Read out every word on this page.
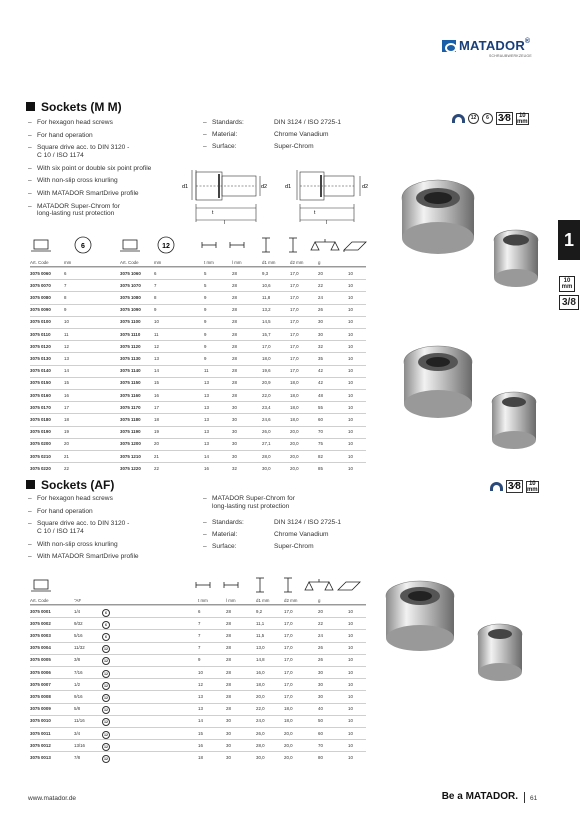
MATADOR®
SCHRAUBWERKZEUGE
Sockets (M M)
– For hexagon head screws
– For hand operation
– Square drive acc. to DIN 3120 -
C 10 / ISO 1174
– With six point or double six point profile
– With non-slip cross knurling
– With MATADOR SmartDrive profile
– MATADOR Super-Chrom for
long-lasting rust protection
– Standards:	DIN 3124 / ISO 2725-1
– Material:	Chrome Vanadium
– Surface:	Super-Chrom
12	6 3⁄8	10
mm
d1	d2	d1	d2
t
l
t
l
6	12
Art. Code	mm	Art. Code	mm	t mm	l mm	d1 mm	d2 mm	g
3075 0060	6	3075 1060	6	5	28	9,3	17,0	20	10
3075 0070	7	3075 1070	7	5	28	10,6	17,0	22	10
3075 0080	8	3075 1080	8	9	28	11,8	17,0	24	10
3075 0090	9	3075 1090	9	9	28	13,2	17,0	26	10
3075 0100	10	3075 1100	10	9	28	14,5	17,0	30	10
3075 0110	11	3075 1110	11	9	28	15,7	17,0	30	10
3075 0120	12	3075 1120	12	9	28	17,0	17,0	32	10
3075 0130	13	3075 1130	13	9	28	18,0	17,0	35	10
3075 0140	14	3075 1140	14	11	28	19,6	17,0	42	10
3075 0150	15	3075 1150	15	13	28	20,9	18,0	42	10
3075 0160	16	3075 1160	16	13	28	22,0	18,0	48	10
3075 0170	17	3075 1170	17	13	30	23,4	18,0	55	10
3075 0180	18	3075 1180	18	13	30	24,6	18,0	60	10
3075 0190	19	3075 1190	19	13	30	26,0	20,0	70	10
3075 0200	20	3075 1200	20	13	30	27,1	20,0	75	10
3075 0210	21	3075 1210	21	14	30	28,0	20,0	82	10
3075 0220	22	3075 1220	22	16	32	30,0	20,0	85	10
Sockets (AF)
– For hexagon head screws
– For hand operation
– Square drive acc. to DIN 3120 -
C 10 / ISO 1174
– With non-slip cross knurling
– With MATADOR SmartDrive profile
– MATADOR Super-Chrom for
long-lasting rust protection
– Standards:	DIN 3124 / ISO 2725-1
– Material:	Chrome Vanadium
– Surface:	Super-Chrom
3⁄8	10
mm
Art. Code	"AF	t mm	l mm	d1 mm	d2 mm	g
3075 0001	1/4	6	6	28	9,2	17,0	20	10
3075 0002	9/32	6	7	28	11,1	17,0	22	10
3075 0003	5/16	6	7	28	11,5	17,0	24	10
3075 0004	11/32	12	7	28	13,0	17,0	26	10
3075 0005	3/8	12	9	28	14,8	17,0	26	10
3075 0006	7/16	12	10	28	16,0	17,0	30	10
3075 0007	1/2	12	12	28	18,0	17,0	30	10
3075 0008	9/16	12	13	28	20,0	17,0	30	10
3075 0009	5/8	12	13	28	22,0	18,0	40	10
3075 0010	11/16	12	14	30	24,0	18,0	50	10
3075 0011	3/4	12	15	30	26,0	20,0	60	10
3075 0012	13/16	12	16	30	28,0	20,0	70	10
3075 0013	7/8	12	18	30	30,0	20,0	80	10
1
10
mm
3/8
www.matador.de	Be a MATADOR. 61
